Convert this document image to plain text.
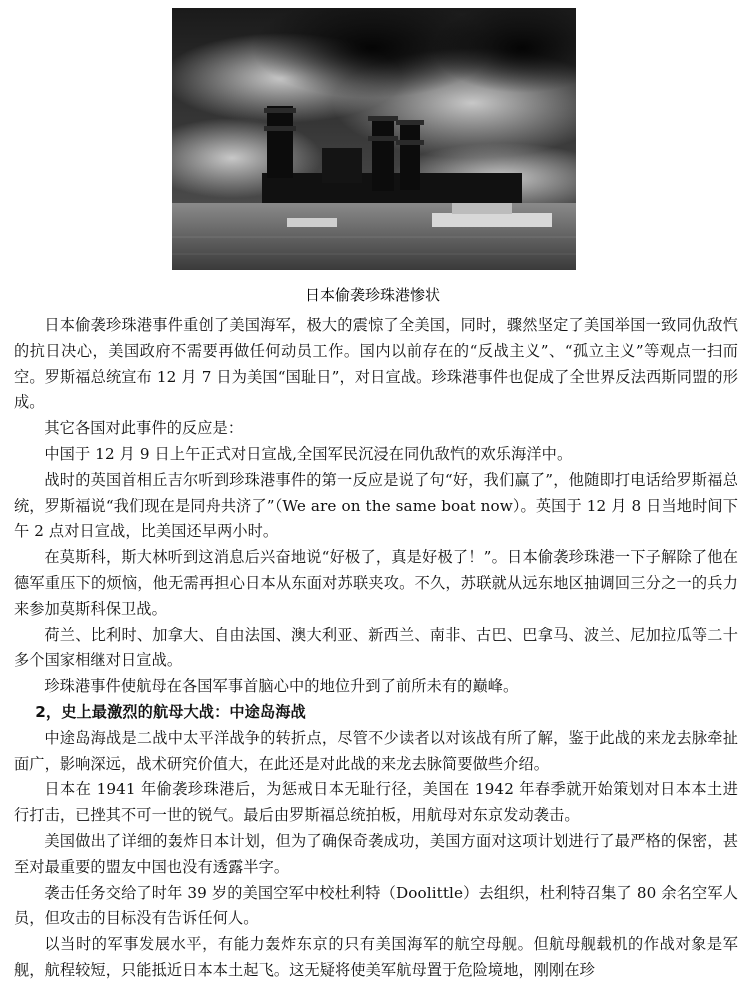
日本偷袭珍珠港惨状

日本偷袭珍珠港事件重创了美国海军，极大的震惊了全美国，同时，骤然坚定了美国举国一致同仇敌忾的抗日决心，美国政府不需要再做任何动员工作。国内以前存在的“反战主义”、“孤立主义”等观点一扫而空。罗斯福总统宣布 12 月 7 日为美国“国耻日”，对日宣战。珍珠港事件也促成了全世界反法西斯同盟的形成。

其它各国对此事件的反应是：

中国于 12 月 9 日上午正式对日宣战,全国军民沉浸在同仇敌忾的欢乐海洋中。

战时的英国首相丘吉尔听到珍珠港事件的第一反应是说了句“好，我们赢了”，他随即打电话给罗斯福总统，罗斯福说“我们现在是同舟共济了”（We are on the same boat now）。英国于 12 月 8 日当地时间下午 2 点对日宣战，比美国还早两小时。

在莫斯科，斯大林听到这消息后兴奋地说“好极了，真是好极了！”。日本偷袭珍珠港一下子解除了他在德军重压下的烦恼，他无需再担心日本从东面对苏联夹攻。不久，苏联就从远东地区抽调回三分之一的兵力来参加莫斯科保卫战。

荷兰、比利时、加拿大、自由法国、澳大利亚、新西兰、南非、古巴、巴拿马、波兰、尼加拉瓜等二十多个国家相继对日宣战。

珍珠港事件使航母在各国军事首脑心中的地位升到了前所未有的巅峰。

2，史上最激烈的航母大战：中途岛海战

中途岛海战是二战中太平洋战争的转折点，尽管不少读者以对该战有所了解，鉴于此战的来龙去脉牵扯面广，影响深远，战术研究价值大，在此还是对此战的来龙去脉简要做些介绍。

日本在 1941 年偷袭珍珠港后，为惩戒日本无耻行径，美国在 1942 年春季就开始策划对日本本土进行打击，已挫其不可一世的锐气。最后由罗斯福总统拍板，用航母对东京发动袭击。

美国做出了详细的轰炸日本计划，但为了确保奇袭成功，美国方面对这项计划进行了最严格的保密，甚至对最重要的盟友中国也没有透露半字。

袭击任务交给了时年 39 岁的美国空军中校杜利特（Doolittle）去组织，杜利特召集了 80 余名空军人员，但攻击的目标没有告诉任何人。

以当时的军事发展水平，有能力轰炸东京的只有美国海军的航空母舰。但航母舰载机的作战对象是军舰，航程较短，只能抵近日本本土起飞。这无疑将使美军航母置于危险境地，刚刚在珍
